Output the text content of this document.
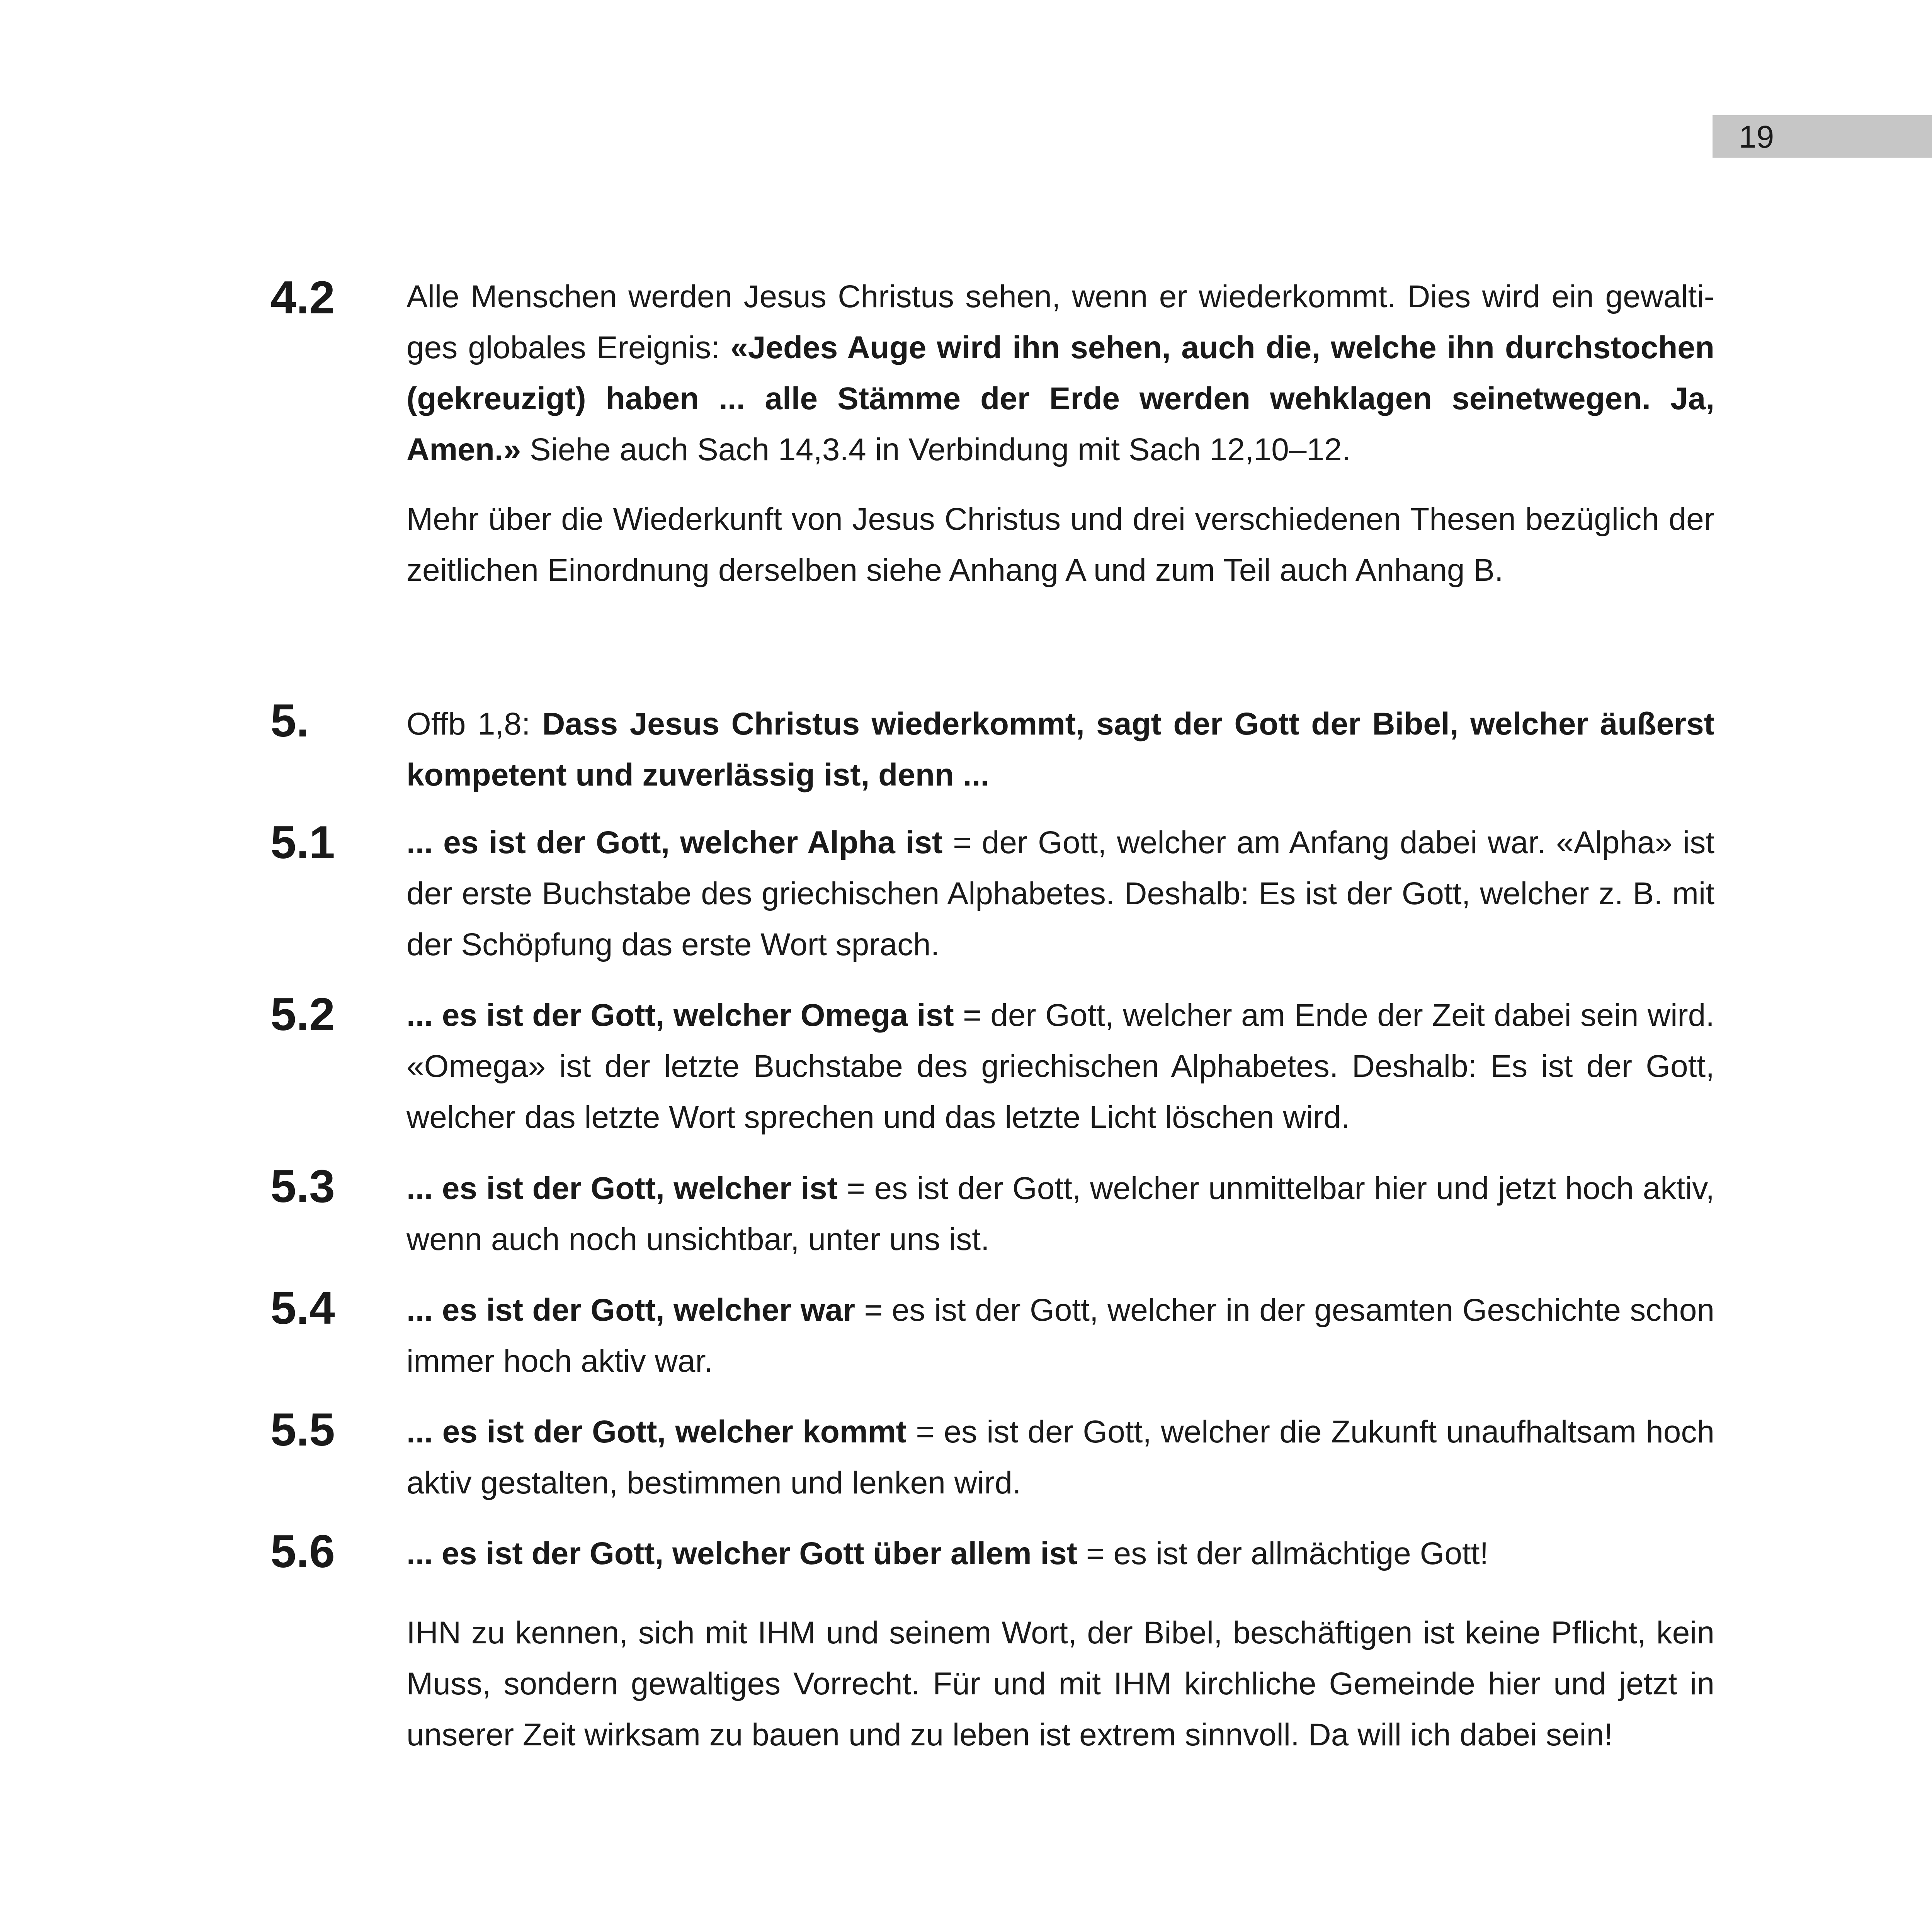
19
4.2 Alle Menschen werden Jesus Christus sehen, wenn er wiederkommt. Dies wird ein gewaltiges globales Ereignis: «Jedes Auge wird ihn sehen, auch die, welche ihn durchstochen (gekreuzigt) haben ... alle Stämme der Erde werden wehklagen seinetwegen. Ja, Amen.» Siehe auch Sach 14,3.4 in Verbindung mit Sach 12,10–12.

Mehr über die Wiederkunft von Jesus Christus und drei verschiedenen Thesen bezüglich der zeitlichen Einordnung derselben siehe Anhang A und zum Teil auch Anhang B.

5.	Offb 1,8: Dass Jesus Christus wiederkommt, sagt der Gott der Bibel, welcher äußerst kompetent und zuverlässig ist, denn ...

5.1 ... es ist der Gott, welcher Alpha ist = der Gott, welcher am Anfang dabei war. «Alpha» ist der erste Buchstabe des griechischen Alphabetes. Deshalb: Es ist der Gott, welcher z. B. mit der Schöpfung das erste Wort sprach.

5.2 ... es ist der Gott, welcher Omega ist = der Gott, welcher am Ende der Zeit dabei sein wird. «Omega» ist der letzte Buchstabe des griechischen Alphabetes. Deshalb: Es ist der Gott, welcher das letzte Wort sprechen und das letzte Licht löschen wird.

5.3 ... es ist der Gott, welcher ist = es ist der Gott, welcher unmittelbar hier und jetzt hoch aktiv, wenn auch noch unsichtbar, unter uns ist.

5.4 ... es ist der Gott, welcher war = es ist der Gott, welcher in der gesamten Geschichte schon immer hoch aktiv war.

5.5 ... es ist der Gott, welcher kommt = es ist der Gott, welcher die Zukunft unaufhaltsam hoch aktiv gestalten, bestimmen und lenken wird.

5.6 ... es ist der Gott, welcher Gott über allem ist = es ist der allmächtige Gott!

IHN zu kennen, sich mit IHM und seinem Wort, der Bibel, beschäftigen ist keine Pflicht, kein Muss, sondern gewaltiges Vorrecht. Für und mit IHM kirchliche Gemeinde hier und jetzt in unserer Zeit wirksam zu bauen und zu leben ist extrem sinnvoll. Da will ich dabei sein!
